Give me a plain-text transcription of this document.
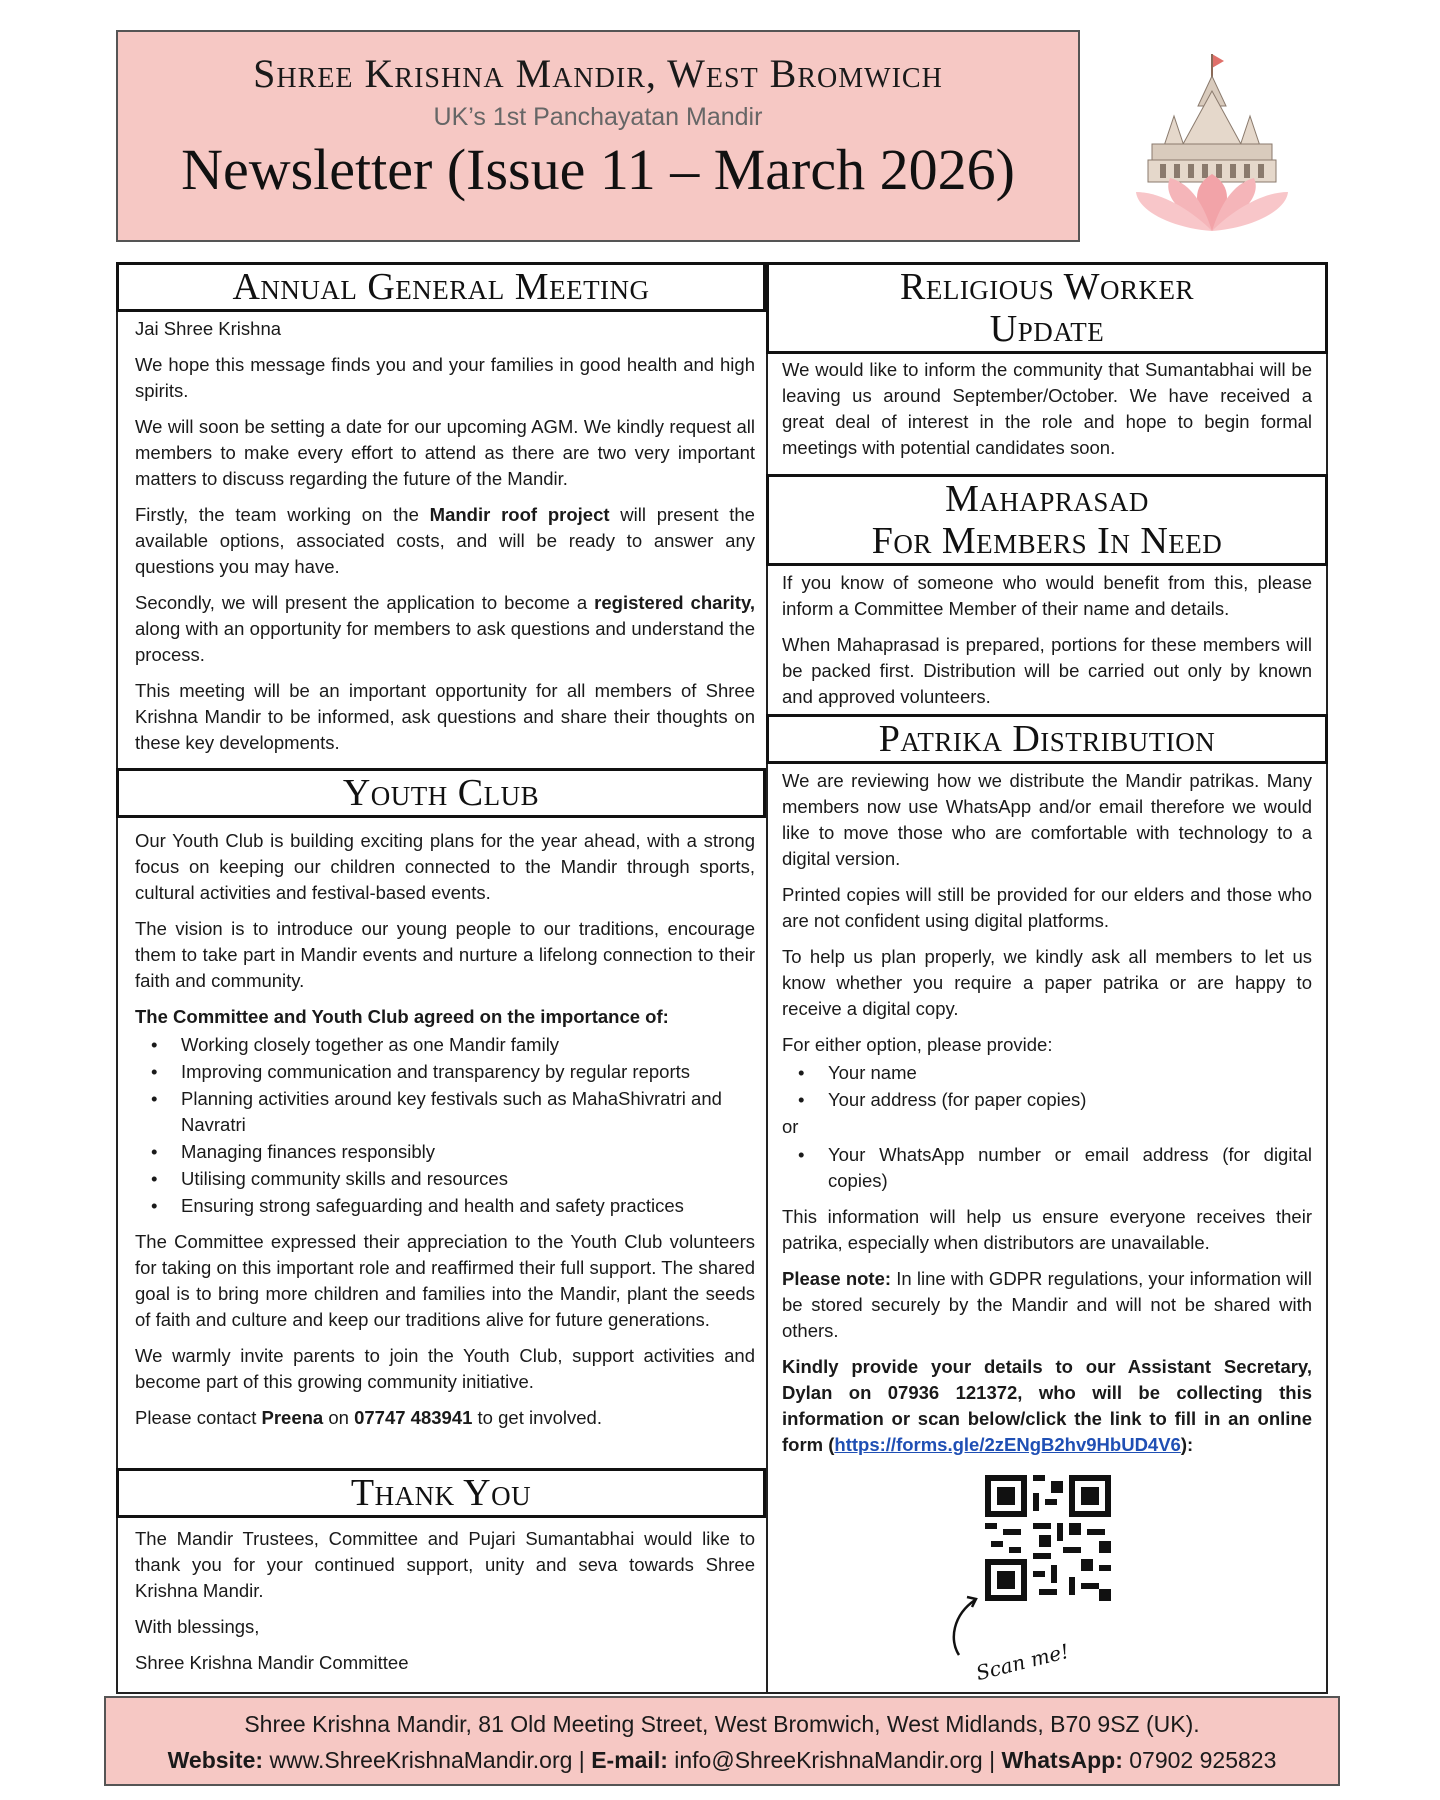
Shree Krishna Mandir, West Bromwich
UK’s 1st Panchayatan Mandir
Newsletter (Issue 11 – March 2026)
Annual General Meeting

Jai Shree Krishna

We hope this message finds you and your families in good health and high spirits.

We will soon be setting a date for our upcoming AGM. We kindly request all members to make every effort to attend as there are two very important matters to discuss regarding the future of the Mandir.

Firstly, the team working on the Mandir roof project will present the available options, associated costs, and will be ready to answer any questions you may have.

Secondly, we will present the application to become a registered charity, along with an opportunity for members to ask questions and understand the process.

This meeting will be an important opportunity for all members of Shree Krishna Mandir to be informed, ask questions and share their thoughts on these key developments.

Youth Club

Our Youth Club is building exciting plans for the year ahead, with a strong focus on keeping our children connected to the Mandir through sports, cultural activities and festival-based events.

The vision is to introduce our young people to our traditions, encourage them to take part in Mandir events and nurture a lifelong connection to their faith and community.

The Committee and Youth Club agreed on the importance of:

• Working closely together as one Mandir family
• Improving communication and transparency by regular reports
• Planning activities around key festivals such as MahaShivratri and Navratri
• Managing finances responsibly
• Utilising community skills and resources
• Ensuring strong safeguarding and health and safety practices

The Committee expressed their appreciation to the Youth Club volunteers for taking on this important role and reaffirmed their full support. The shared goal is to bring more children and families into the Mandir, plant the seeds of faith and culture and keep our traditions alive for future generations.

We warmly invite parents to join the Youth Club, support activities and become part of this growing community initiative.

Please contact Preena on 07747 483941 to get involved.

Thank You

The Mandir Trustees, Committee and Pujari Sumantabhai would like to thank you for your continued support, unity and seva towards Shree Krishna Mandir.

With blessings,

Shree Krishna Mandir Committee

Religious Worker
Update

We would like to inform the community that Sumantabhai will be leaving us around September/October. We have received a great deal of interest in the role and hope to begin formal meetings with potential candidates soon.

Mahaprasad
For Members In Need

If you know of someone who would benefit from this, please inform a Committee Member of their name and details.

When Mahaprasad is prepared, portions for these members will be packed first. Distribution will be carried out only by known and approved volunteers.

Patrika Distribution

We are reviewing how we distribute the Mandir patrikas. Many members now use WhatsApp and/or email therefore we would like to move those who are comfortable with technology to a digital version.

Printed copies will still be provided for our elders and those who are not confident using digital platforms.

To help us plan properly, we kindly ask all members to let us know whether you require a paper patrika or are happy to receive a digital copy.

For either option, please provide:

• Your name
• Your address (for paper copies)

or

• Your WhatsApp number or email address (for digital copies)

This information will help us ensure everyone receives their patrika, especially when distributors are unavailable.

Please note: In line with GDPR regulations, your information will be stored securely by the Mandir and will not be shared with others.

Kindly provide your details to our Assistant Secretary, Dylan on 07936 121372, who will be collecting this information or scan below/click the link to fill in an online form (https://forms.gle/2zENgB2hv9HbUD4V6):

Scan me!
Shree Krishna Mandir, 81 Old Meeting Street, West Bromwich, West Midlands, B70 9SZ (UK).
Website: www.ShreeKrishnaMandir.org | E-mail: info@ShreeKrishnaMandir.org | WhatsApp: 07902 925823
